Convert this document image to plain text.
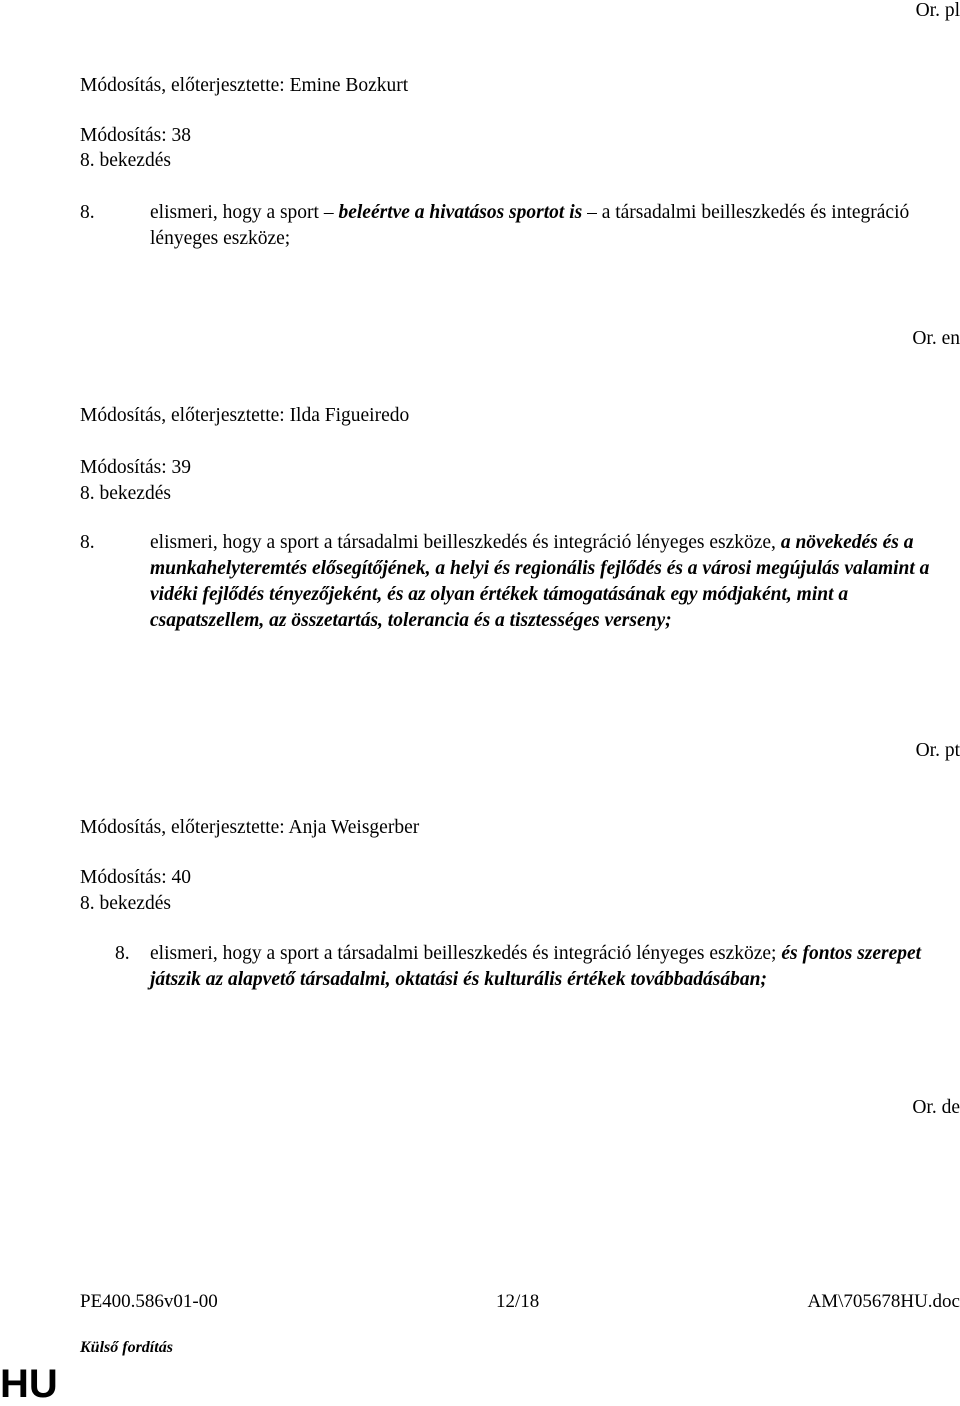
Or. pl
Módosítás, előterjesztette: Emine Bozkurt
Módosítás: 38
8. bekezdés
8.	elismeri, hogy a sport – beleértve a hivatásos sportot is – a társadalmi beilleszkedés és integráció lényeges eszköze;
Or. en
Módosítás, előterjesztette: Ilda Figueiredo
Módosítás: 39
8. bekezdés
8.	elismeri, hogy a sport a társadalmi beilleszkedés és integráció lényeges eszköze, a növekedés és a munkahelyteremtés elősegítőjének, a helyi és regionális fejlődés és a városi megújulás valamint a vidéki fejlődés tényezőjeként, és az olyan értékek támogatásának egy módjaként, mint a csapatszellem, az összetartás, tolerancia és a tisztességes verseny;
Or. pt
Módosítás, előterjesztette: Anja Weisgerber
Módosítás: 40
8. bekezdés
8. elismeri, hogy a sport a társadalmi beilleszkedés és integráció lényeges eszköze; és fontos szerepet játszik az alapvető társadalmi, oktatási és kulturális értékek továbbadásában;
Or. de
PE400.586v01-00	12/18	AM\705678HU.doc
Külső fordítás
HU
